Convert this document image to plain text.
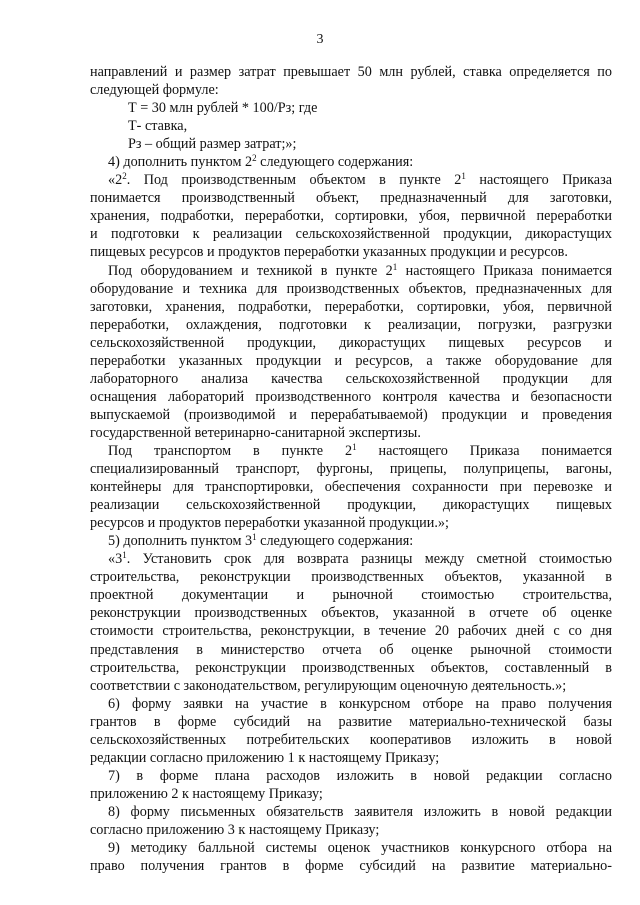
3
направлений и размер затрат превышает 50 млн рублей, ставка определяется по
следующей формуле:
Т = 30 млн рублей * 100/Рз; где
Т- ставка,
Рз – общий размер затрат;»;
4) дополнить пунктом $2^2$ следующего содержания:
«$2^2$. Под производственным объектом в пункте $2^1$ настоящего Приказа
понимается производственный объект, предназначенный для заготовки,
хранения, подработки, переработки, сортировки, убоя, первичной переработки
и подготовки к реализации сельскохозяйственной продукции, дикорастущих
пищевых ресурсов и продуктов переработки указанных продукции и ресурсов.
Под оборудованием и техникой в пункте $2^1$ настоящего Приказа понимается
оборудование и техника для производственных объектов, предназначенных для
заготовки, хранения, подработки, переработки, сортировки, убоя, первичной
переработки, охлаждения, подготовки к реализации, погрузки, разгрузки
сельскохозяйственной продукции, дикорастущих пищевых ресурсов и
переработки указанных продукции и ресурсов, а также оборудование для
лабораторного анализа качества сельскохозяйственной продукции для
оснащения лабораторий производственного контроля качества и безопасности
выпускаемой (производимой и перерабатываемой) продукции и проведения
государственной ветеринарно-санитарной экспертизы.
Под транспортом в пункте $2^1$ настоящего Приказа понимается
специализированный транспорт, фургоны, прицепы, полуприцепы, вагоны,
контейнеры для транспортировки, обеспечения сохранности при перевозке и
реализации сельскохозяйственной продукции, дикорастущих пищевых
ресурсов и продуктов переработки указанной продукции.»;
5) дополнить пунктом $3^1$ следующего содержания:
«$3^1$. Установить срок для возврата разницы между сметной стоимостью
строительства, реконструкции производственных объектов, указанной в
проектной документации и рыночной стоимостью строительства,
реконструкции производственных объектов, указанной в отчете об оценке
стоимости строительства, реконструкции, в течение 20 рабочих дней с со дня
представления в министерство отчета об оценке рыночной стоимости
строительства, реконструкции производственных объектов, составленный в
соответствии с законодательством, регулирующим оценочную деятельность.»;
6) форму заявки на участие в конкурсном отборе на право получения
грантов в форме субсидий на развитие материально-технической базы
сельскохозяйственных потребительских кооперативов изложить в новой
редакции согласно приложению 1 к настоящему Приказу;
7) в форме плана расходов изложить в новой редакции согласно
приложению 2 к настоящему Приказу;
8) форму письменных обязательств заявителя изложить в новой редакции
согласно приложению 3 к настоящему Приказу;
9) методику балльной системы оценок участников конкурсного отбора на
право получения грантов в форме субсидий на развитие материально-
